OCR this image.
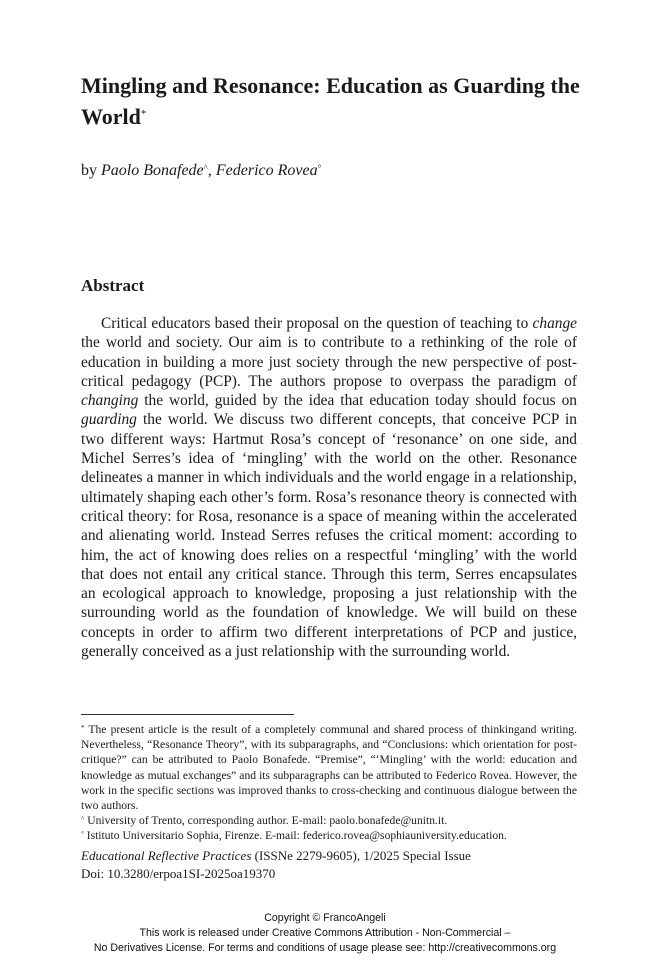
Mingling and Resonance: Education as Guarding the World*
by Paolo Bonafede^, Federico Rovea°
Abstract

Critical educators based their proposal on the question of teaching to change the world and society. Our aim is to contribute to a rethinking of the role of education in building a more just society through the new perspective of post-critical pedagogy (PCP). The authors propose to overpass the paradigm of changing the world, guided by the idea that education today should focus on guarding the world. We discuss two different concepts, that conceive PCP in two different ways: Hartmut Rosa’s concept of ‘resonance’ on one side, and Michel Serres’s idea of ‘mingling’ with the world on the other. Resonance delineates a manner in which individuals and the world engage in a relationship, ultimately shaping each other’s form. Rosa’s resonance theory is connected with critical theory: for Rosa, resonance is a space of meaning within the accelerated and alienating world. Instead Serres refuses the critical moment: according to him, the act of knowing does relies on a respectful ‘mingling’ with the world that does not entail any critical stance. Through this term, Serres encapsulates an ecological approach to knowledge, proposing a just relationship with the surrounding world as the foundation of knowledge. We will build on these concepts in order to affirm two different interpretations of PCP and justice, generally conceived as a just relationship with the surrounding world.

* The present article is the result of a completely communal and shared process of thinkingand writing. Nevertheless, “Resonance Theory”, with its subparagraphs, and “Conclusions: which orientation for post-critique?” can be attributed to Paolo Bonafede. “Premise”, “‘Mingling’ with the world: education and knowledge as mutual exchanges” and its subparagraphs can be attributed to Federico Rovea. However, the work in the specific sections was improved thanks to cross-checking and continuous dialogue between the two authors.

^ University of Trento, corresponding author. E-mail: paolo.bonafede@unitn.it.

° Istituto Universitario Sophia, Firenze. E-mail: federico.rovea@sophiauniversity.education.

Educational Reflective Practices (ISSNe 2279-9605), 1/2025 Special Issue

Doi: 10.3280/erpoa1SI-2025oa19370

Copyright © FrancoAngeli

This work is released under Creative Commons Attribution - Non-Commercial –

No Derivatives License. For terms and conditions of usage please see: http://creativecommons.org
